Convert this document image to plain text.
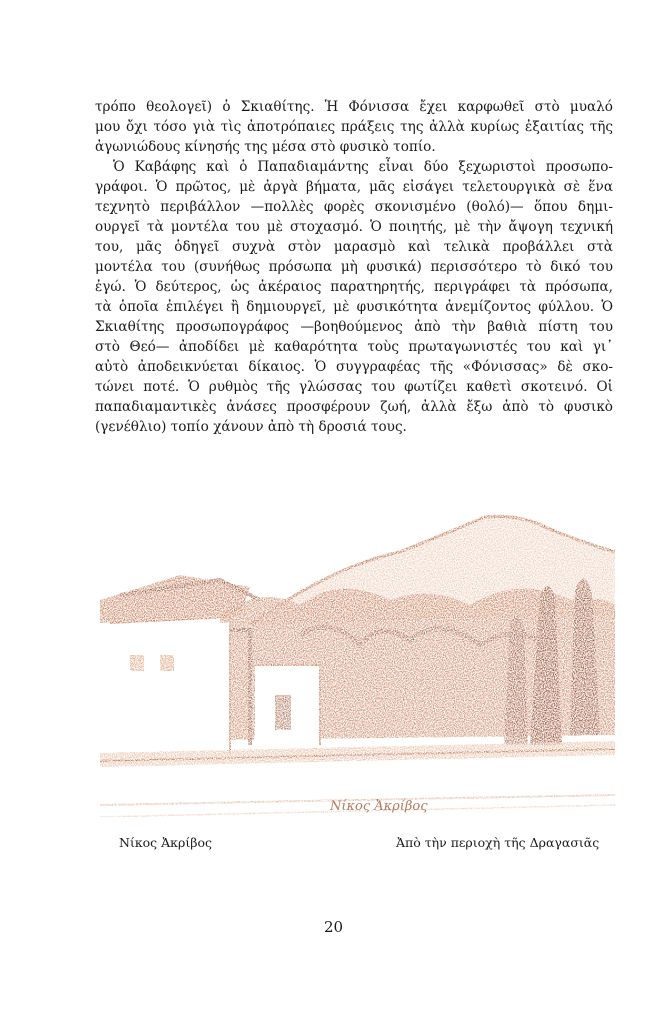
τρόπο θεολογεῖ) ὁ Σκιαθίτης. Ἡ Φόνισσα ἔχει καρφωθεῖ στὸ μυαλό
μου ὄχι τόσο γιὰ τὶς ἀποτρόπαιες πράξεις της ἀλλὰ κυρίως ἐξαιτίας τῆς
ἀγωνιώδους κίνησής της μέσα στὸ φυσικὸ τοπίο.
Ὁ Καβάφης καὶ ὁ Παπαδιαμάντης εἶναι δύο ξεχωριστοὶ προσωπο-
γράφοι. Ὁ πρῶτος, μὲ ἀργὰ βήματα, μᾶς εἰσάγει τελετουργικὰ σὲ ἕνα
τεχνητὸ περιβάλλον —πολλὲς φορὲς σκονισμένο (θολό)— ὅπου δημι-
ουργεῖ τὰ μοντέλα του μὲ στοχασμό. Ὁ ποιητής, μὲ τὴν ἄψογη τεχνική
του, μᾶς ὁδηγεῖ συχνὰ στὸν μαρασμὸ καὶ τελικὰ προβάλλει στὰ
μοντέλα του (συνήθως πρόσωπα μὴ φυσικά) περισσότερο τὸ δικό του
ἐγώ. Ὁ δεύτερος, ὡς ἀκέραιος παρατηρητής, περιγράφει τὰ πρόσωπα,
τὰ ὁποῖα ἐπιλέγει ἢ δημιουργεῖ, μὲ φυσικότητα ἀνεμίζοντος φύλλου. Ὁ
Σκιαθίτης προσωπογράφος —βοηθούμενος ἀπὸ τὴν βαθιὰ πίστη του
στὸ Θεό— ἀποδίδει μὲ καθαρότητα τοὺς πρωταγωνιστές του καὶ γι᾽
αὐτὸ ἀποδεικνύεται δίκαιος. Ὁ συγγραφέας τῆς «Φόνισσας» δὲ σκο-
τώνει ποτέ. Ὁ ρυθμὸς τῆς γλώσσας του φωτίζει καθετὶ σκοτεινό. Οἱ
παπαδιαμαντικὲς ἀνάσες προσφέρουν ζωή, ἀλλὰ ἔξω ἀπὸ τὸ φυσικὸ
(γενέθλιο) τοπίο χάνουν ἀπὸ τὴ δροσιά τους.
Νίκος Ἀκρίβος
Νίκος Ἀκρίβος	Ἀπὸ τὴν περιοχὴ τῆς Δραγασιᾶς
20
